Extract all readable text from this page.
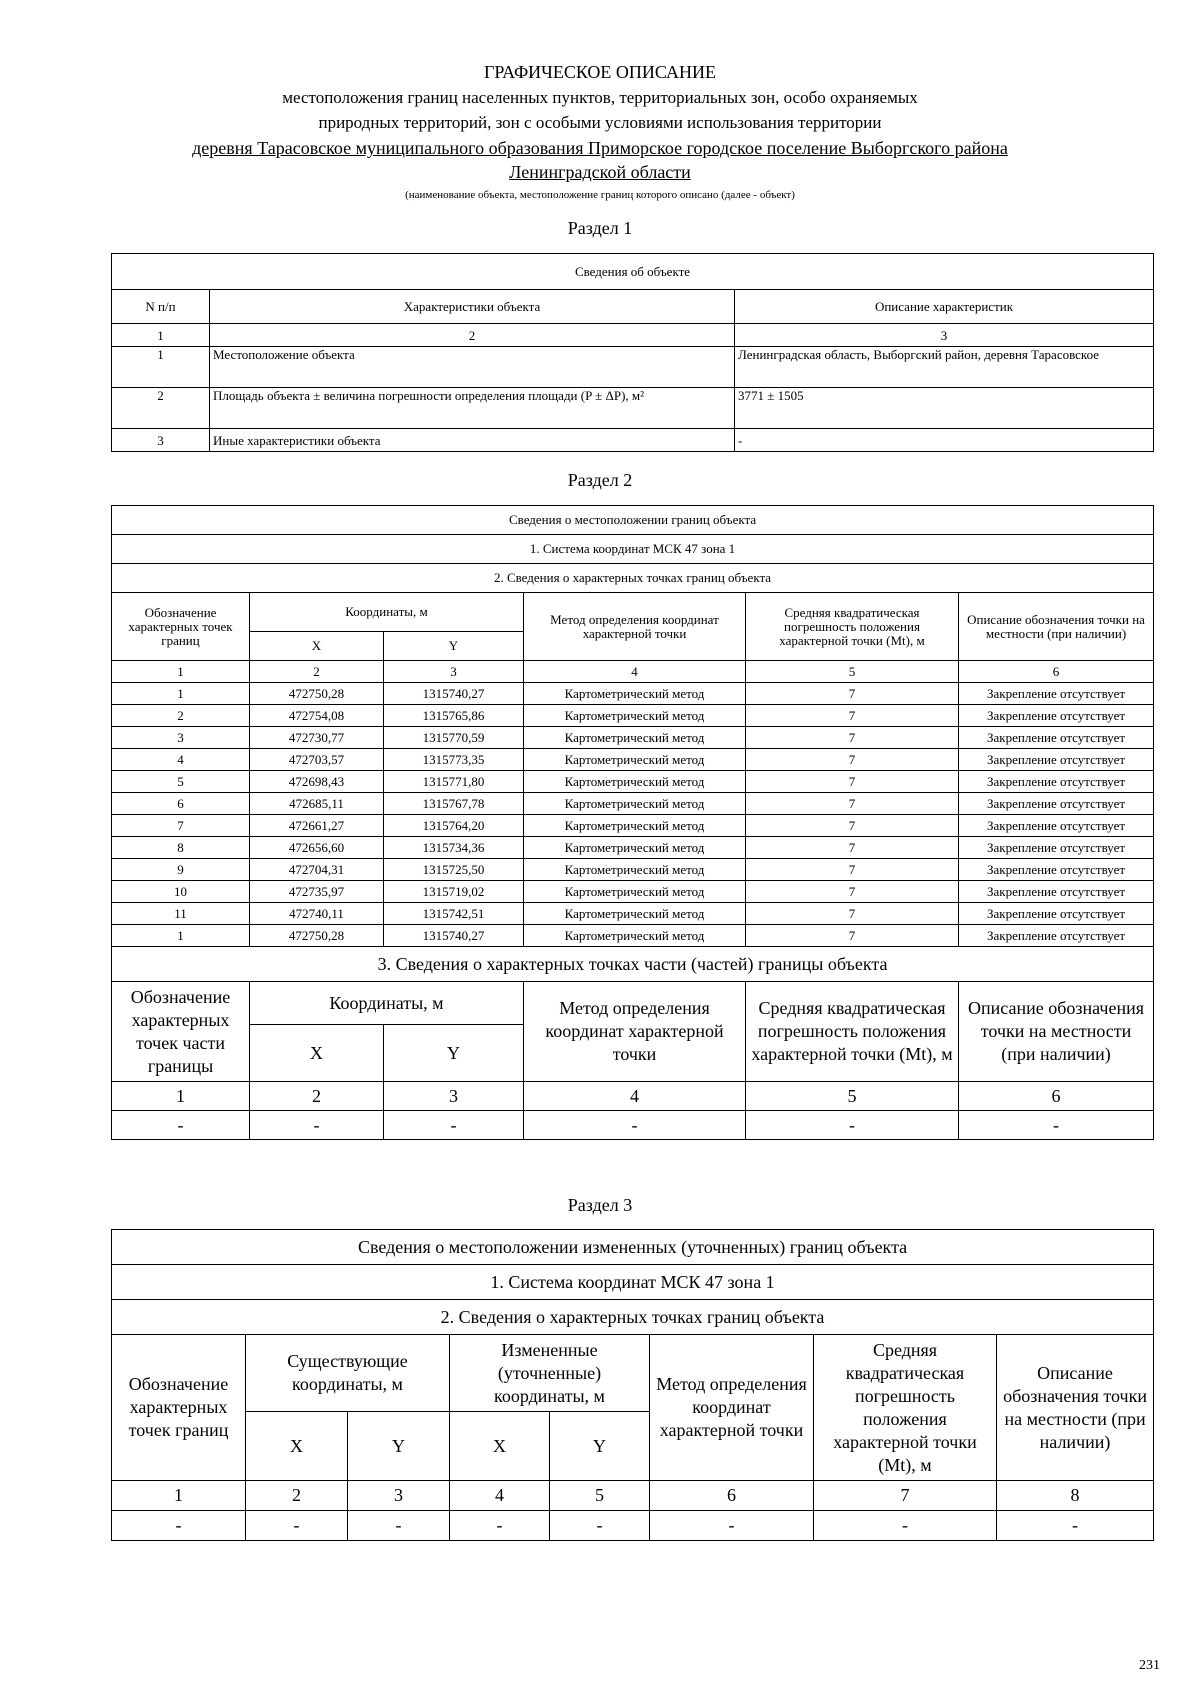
ГРАФИЧЕСКОЕ ОПИСАНИЕ
местоположения границ населенных пунктов, территориальных зон, особо охраняемых
природных территорий, зон с особыми условиями использования территории
деревня Тарасовское муниципального образования Приморское городское поселение Выборгского района
Ленинградской области
(наименование объекта, местоположение границ которого описано (далее - объект)
Раздел 1
Сведения об объекте		
N п/п	Характеристики объекта	Описание характеристик
1	2	3
1	Местоположение объекта	Ленинградская область, Выборгский район, деревня Тарасовское
2	Площадь объекта ± величина погрешности определения площади (P ± ΔP), м²	3771 ± 1505
3	Иные характеристики объекта	-
Раздел 2
Сведения о местоположении границ объекта					
1. Система координат МСК 47 зона 1					
2. Сведения о характерных точках границ объекта					
Обозначение характерных точек границ	Координаты, м		Метод определения координат характерной точки	Средняя квадратическая погрешность положения характерной точки (Mt), м	Описание обозначения точки на местности (при наличии)
	X	Y			
1	2	3	4	5	6
1	472750,28	1315740,27	Картометрический метод	7	Закрепление отсутствует
2	472754,08	1315765,86	Картометрический метод	7	Закрепление отсутствует
3	472730,77	1315770,59	Картометрический метод	7	Закрепление отсутствует
4	472703,57	1315773,35	Картометрический метод	7	Закрепление отсутствует
5	472698,43	1315771,80	Картометрический метод	7	Закрепление отсутствует
6	472685,11	1315767,78	Картометрический метод	7	Закрепление отсутствует
7	472661,27	1315764,20	Картометрический метод	7	Закрепление отсутствует
8	472656,60	1315734,36	Картометрический метод	7	Закрепление отсутствует
9	472704,31	1315725,50	Картометрический метод	7	Закрепление отсутствует
10	472735,97	1315719,02	Картометрический метод	7	Закрепление отсутствует
11	472740,11	1315742,51	Картометрический метод	7	Закрепление отсутствует
1	472750,28	1315740,27	Картометрический метод	7	Закрепление отсутствует
3. Сведения о характерных точках части (частей) границы объекта					
Обозначение характерных точек части границы	Координаты, м		Метод определения координат характерной точки	Средняя квадратическая погрешность положения характерной точки (Mt), м	Описание обозначения точки на местности (при наличии)
	X	Y			
1	2	3	4	5	6
-	-	-	-	-	-
Раздел 3
Сведения о местоположении измененных (уточненных) границ объекта							
1. Система координат МСК 47 зона 1							
2. Сведения о характерных точках границ объекта							
Обозначение характерных точек границ	Существующие координаты, м		Измененные (уточненные) координаты, м		Метод определения координат характерной точки	Средняя квадратическая погрешность положения характерной точки (Mt), м	Описание обозначения точки на местности (при наличии)
	X	Y	X	Y			
1	2	3	4	5	6	7	8
-	-	-	-	-	-	-	-
231
